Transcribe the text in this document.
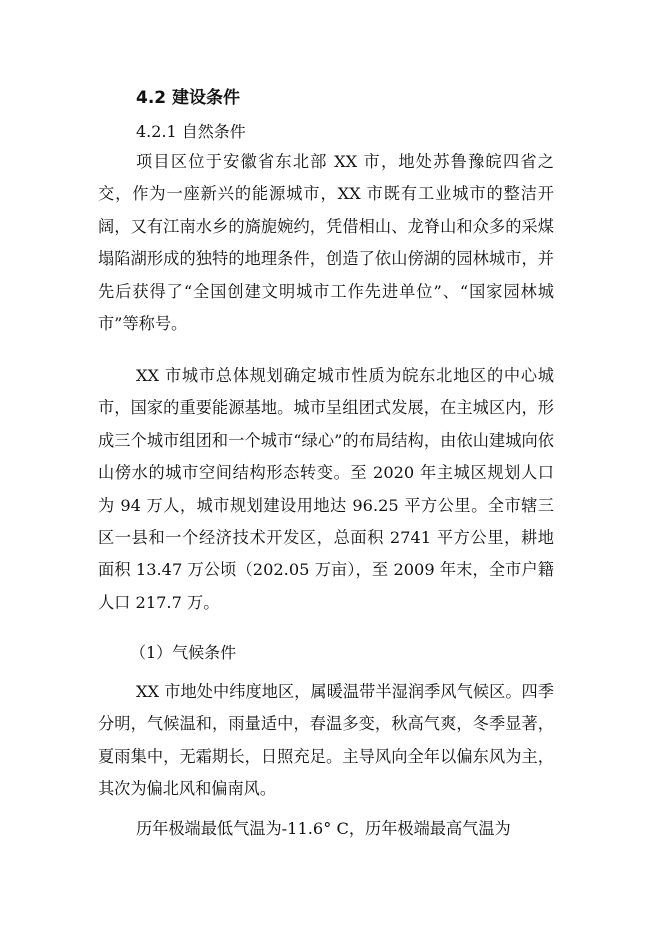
4.2 建设条件
4.2.1 自然条件

项目区位于安徽省东北部 XX 市，地处苏鲁豫皖四省之交，作为一座新兴的能源城市，XX 市既有工业城市的整洁开阔，又有江南水乡的旖旎婉约，凭借相山、龙脊山和众多的采煤塌陷湖形成的独特的地理条件，创造了依山傍湖的园林城市，并先后获得了“全国创建文明城市工作先进单位”、“国家园林城市”等称号。

XX 市城市总体规划确定城市性质为皖东北地区的中心城市，国家的重要能源基地。城市呈组团式发展，在主城区内，形成三个城市组团和一个城市“绿心”的布局结构，由依山建城向依山傍水的城市空间结构形态转变。至 2020 年主城区规划人口为 94 万人，城市规划建设用地达 96.25 平方公里。全市辖三区一县和一个经济技术开发区，总面积 2741 平方公里，耕地面积 13.47 万公顷（202.05 万亩），至 2009 年末，全市户籍人口 217.7 万。

（1）气候条件

XX 市地处中纬度地区，属暖温带半湿润季风气候区。四季分明，气候温和，雨量适中，春温多变，秋高气爽，冬季显著，夏雨集中，无霜期长，日照充足。主导风向全年以偏东风为主，其次为偏北风和偏南风。

历年极端最低气温为-11.6° C，历年极端最高气温为
